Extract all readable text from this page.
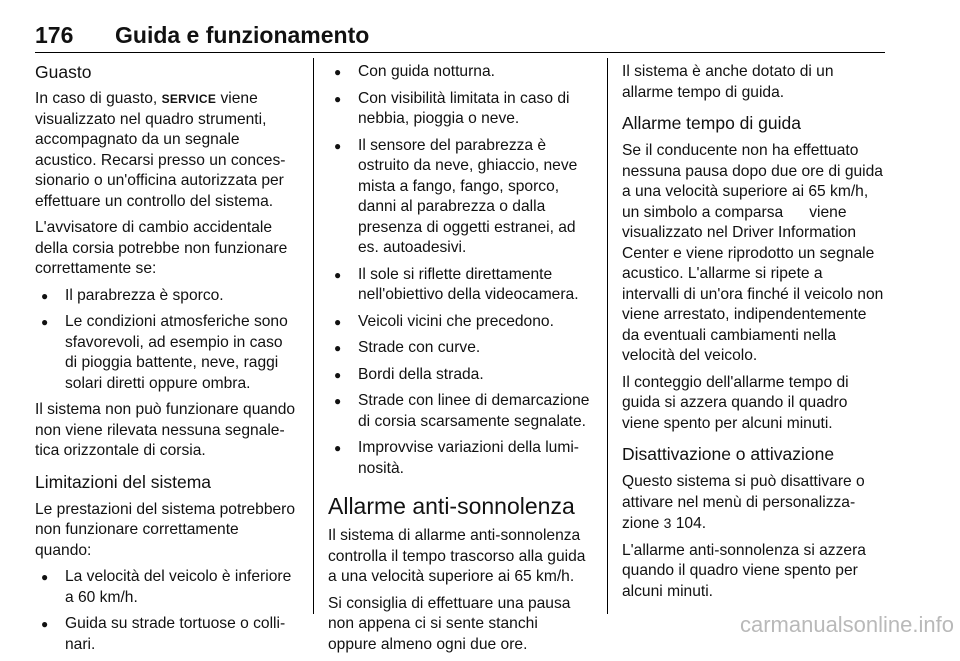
176	Guida e funzionamento
Guasto

In caso di guasto, SERVICE viene visualizzato nel quadro strumenti, accompagnato da un segnale acustico. Recarsi presso un conces-sionario o un'officina autorizzata per effettuare un controllo del sistema.

L'avvisatore di cambio accidentale della corsia potrebbe non funzionare correttamente se:

● Il parabrezza è sporco.
● Le condizioni atmosferiche sono sfavorevoli, ad esempio in caso di pioggia battente, neve, raggi solari diretti oppure ombra.

Il sistema non può funzionare quando non viene rilevata nessuna segnale-tica orizzontale di corsia.

Limitazioni del sistema

Le prestazioni del sistema potrebbero non funzionare correttamente quando:

● La velocità del veicolo è inferiore a 60 km/h.
● Guida su strade tortuose o colli-nari.
● Con guida notturna.
● Con visibilità limitata in caso di nebbia, pioggia o neve.
● Il sensore del parabrezza è ostruito da neve, ghiaccio, neve mista a fango, fango, sporco, danni al parabrezza o dalla presenza di oggetti estranei, ad es. autoadesivi.
● Il sole si riflette direttamente nell'obiettivo della videocamera.
● Veicoli vicini che precedono.
● Strade con curve.
● Bordi della strada.
● Strade con linee di demarcazione di corsia scarsamente segnalate.
● Improvvise variazioni della lumi-nosità.
Allarme anti-sonnolenza

Il sistema di allarme anti-sonnolenza controlla il tempo trascorso alla guida a una velocità superiore ai 65 km/h.

Si consiglia di effettuare una pausa non appena ci si sente stanchi oppure almeno ogni due ore.

Il sistema è anche dotato di un allarme tempo di guida.

Allarme tempo di guida

Se il conducente non ha effettuato nessuna pausa dopo due ore di guida a una velocità superiore ai 65 km/h, un simbolo a comparsa viene visualizzato nel Driver Information Center e viene riprodotto un segnale acustico. L'allarme si ripete a intervalli di un'ora finché il veicolo non viene arrestato, indipendentemente da eventuali cambiamenti nella velocità del veicolo.

Il conteggio dell'allarme tempo di guida si azzera quando il quadro viene spento per alcuni minuti.

Disattivazione o attivazione

Questo sistema si può disattivare o attivare nel menù di personalizza-zione 3 104.

L'allarme anti-sonnolenza si azzera quando il quadro viene spento per alcuni minuti.

carmanualsonline.info
